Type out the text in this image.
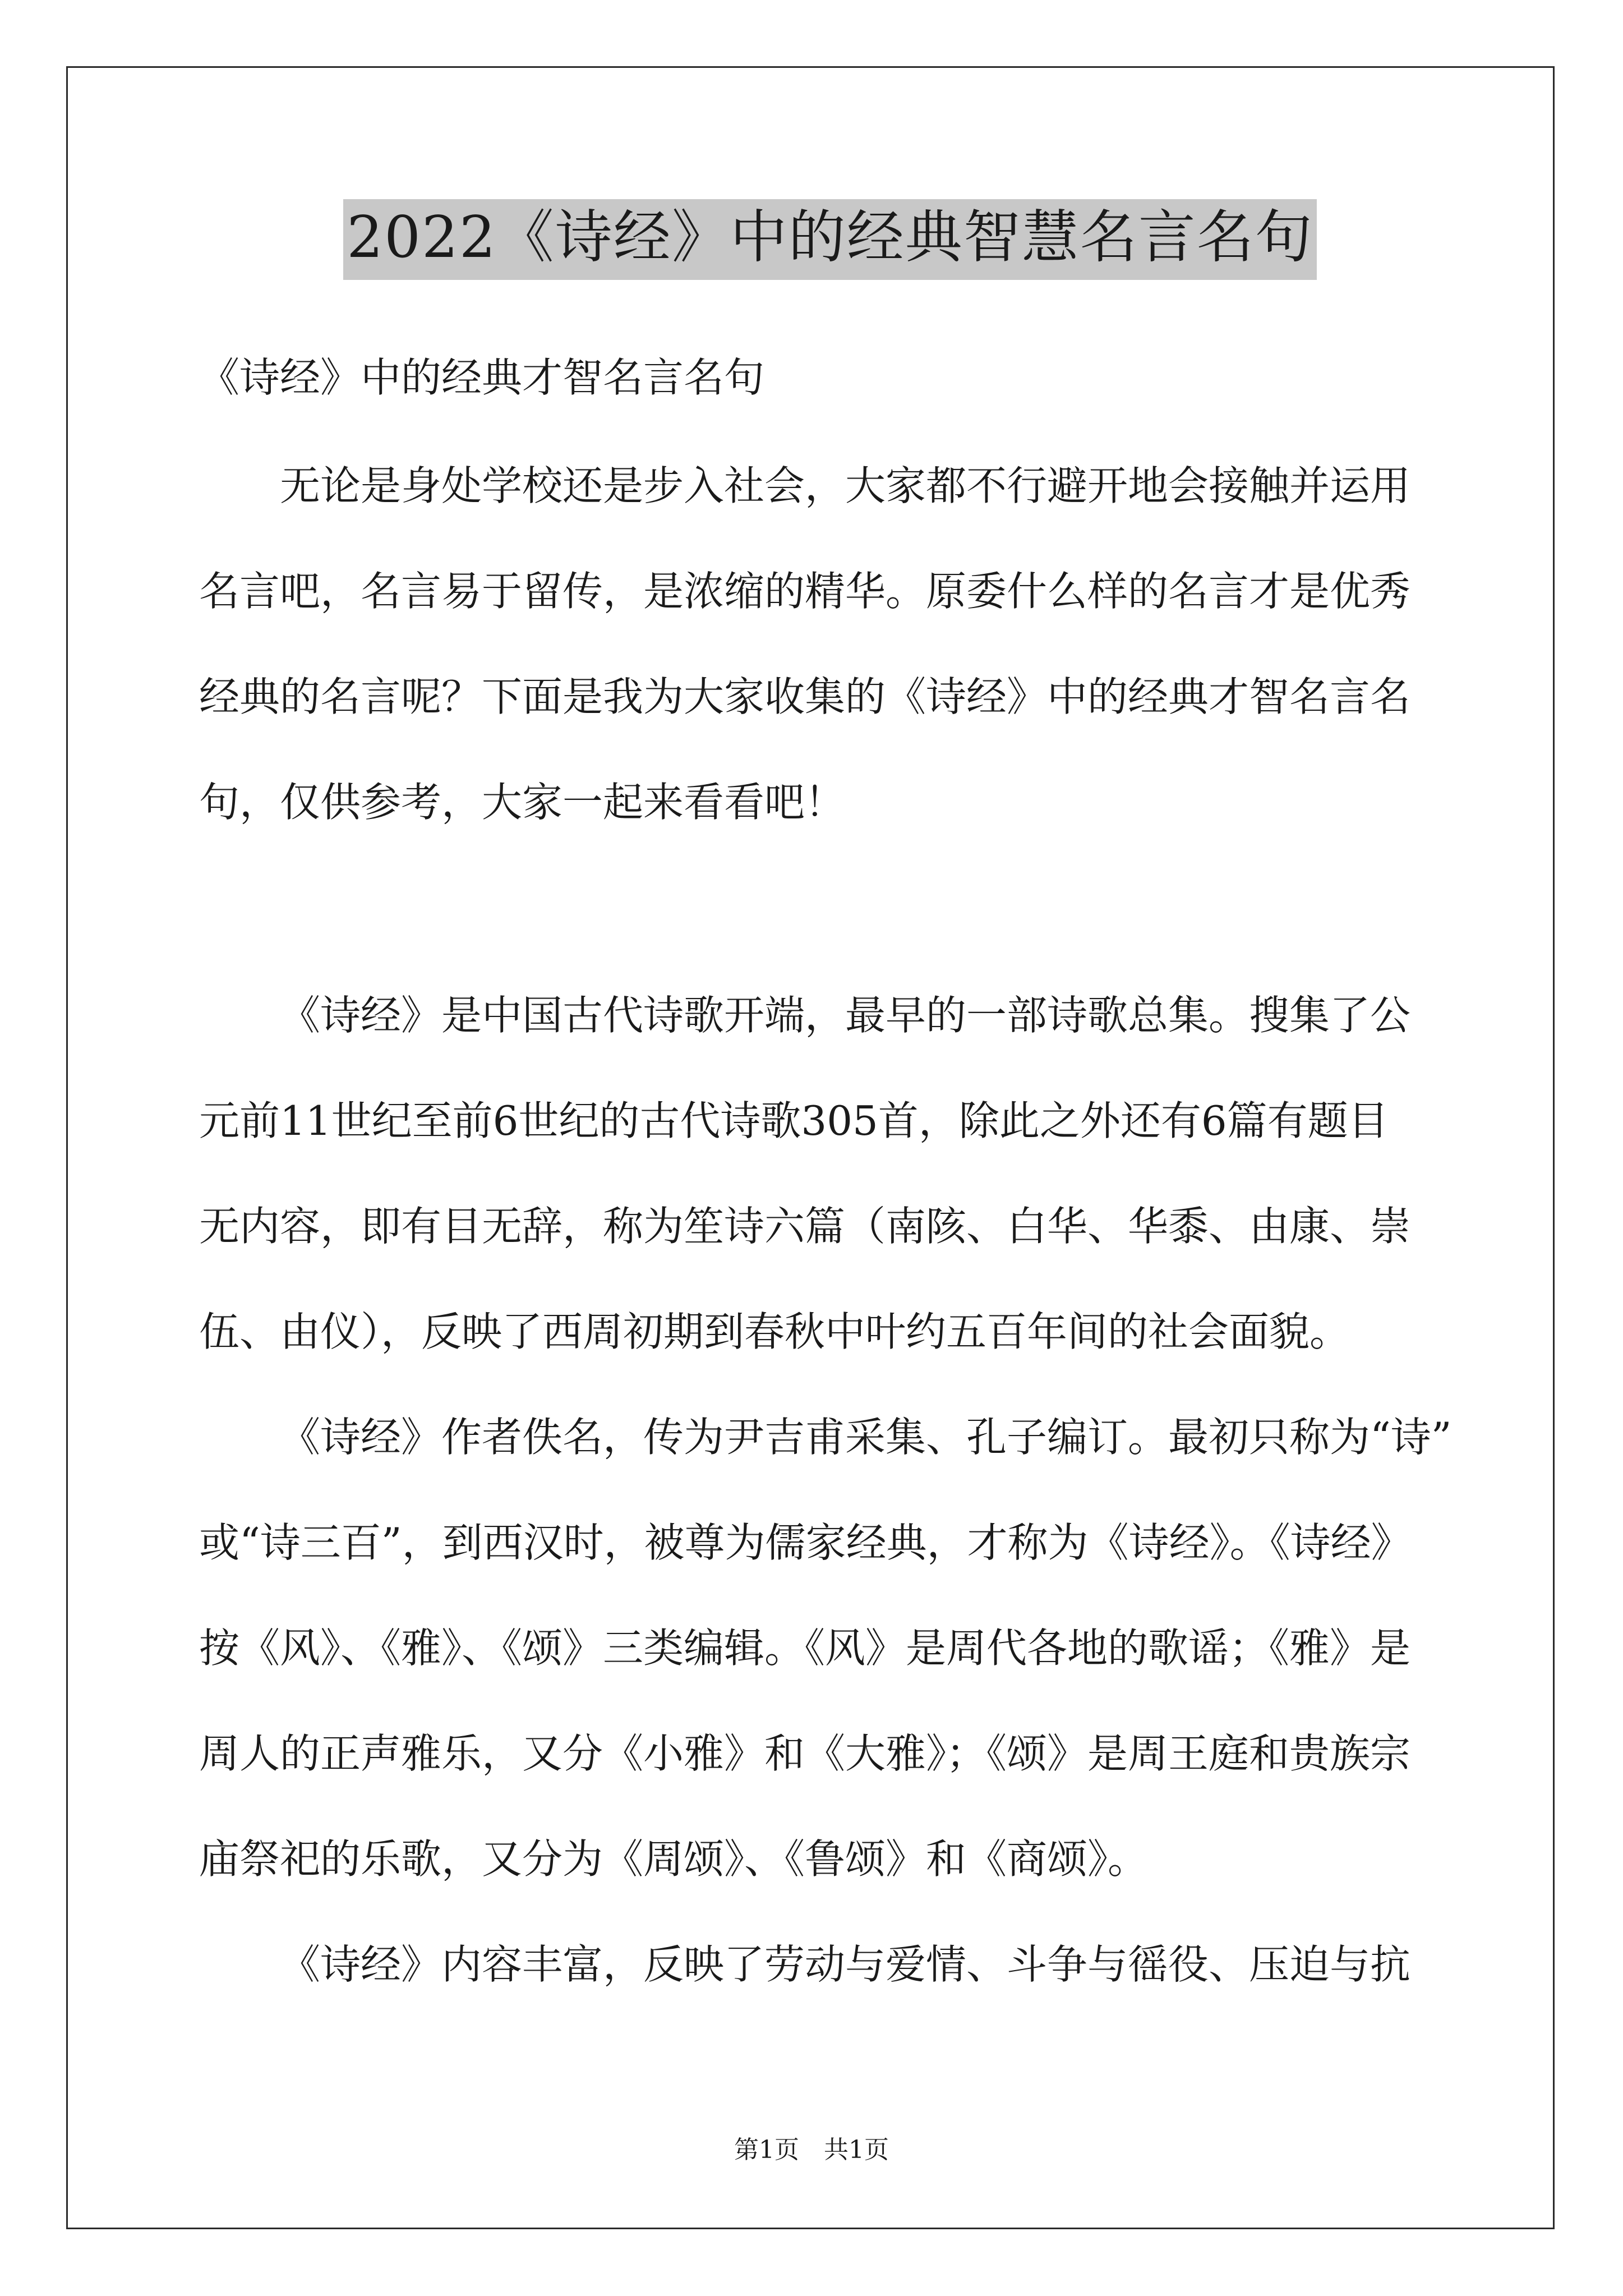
2022《诗经》中的经典智慧名言名句
《诗经》中的经典才智名言名句
无论是身处学校还是步入社会，大家都不行避开地会接触并运用
名言吧，名言易于留传，是浓缩的精华。原委什么样的名言才是优秀
经典的名言呢？下面是我为大家收集的《诗经》中的经典才智名言名
句，仅供参考，大家一起来看看吧！
《诗经》是中国古代诗歌开端，最早的一部诗歌总集。搜集了公
元前11世纪至前6世纪的古代诗歌305首，除此之外还有6篇有题目
无内容，即有目无辞，称为笙诗六篇（南陔、白华、华黍、由康、崇
伍、由仪），反映了西周初期到春秋中叶约五百年间的社会面貌。
《诗经》作者佚名，传为尹吉甫采集、孔子编订。最初只称为“诗”
或“诗三百”，到西汉时，被尊为儒家经典，才称为《诗经》。《诗经》
按《风》、《雅》、《颂》三类编辑。《风》是周代各地的歌谣；《雅》是
周人的正声雅乐，又分《小雅》和《大雅》；《颂》是周王庭和贵族宗
庙祭祀的乐歌，又分为《周颂》、《鲁颂》和《商颂》。
《诗经》内容丰富，反映了劳动与爱情、斗争与徭役、压迫与抗
第1页　共1页
